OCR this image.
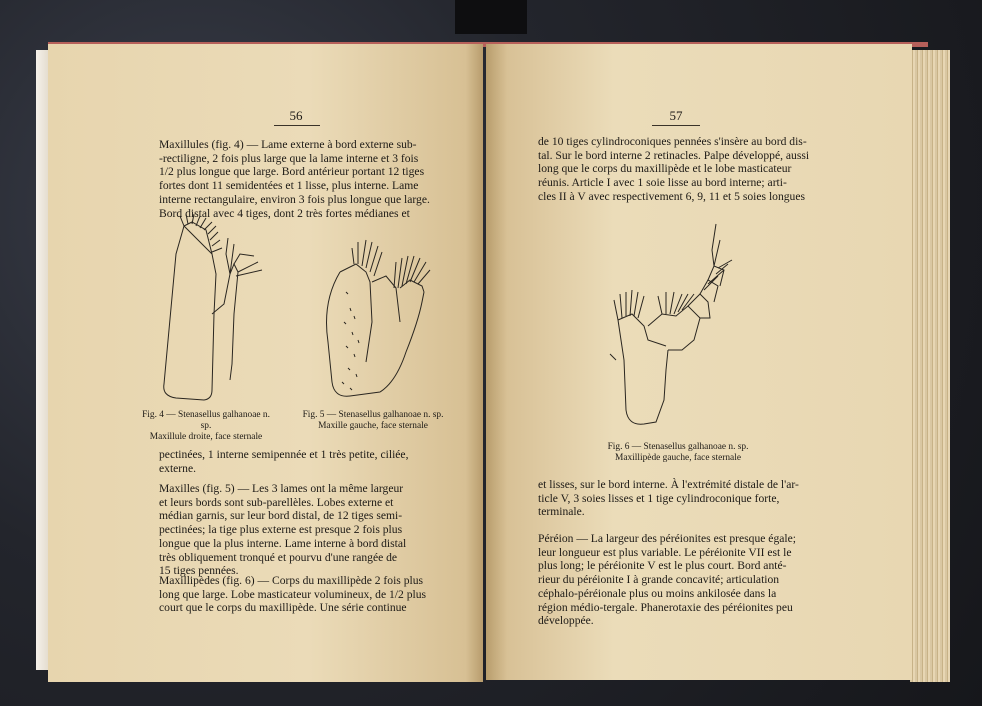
56

Maxillules (fig. 4) — Lame externe à bord externe sub-

-rectiligne, 2 fois plus large que la lame interne et 3 fois

1/2 plus longue que large. Bord antérieur portant 12 tiges

fortes dont 11 semidentées et 1 lisse, plus interne. Lame

interne rectangulaire, environ 3 fois plus longue que large.

Bord distal avec 4 tiges, dont 2 très fortes médianes et

Fig. 4 — Stenasellus galhanoae n. sp.
Maxillule droite, face sternale
Fig. 5 — Stenasellus galhanoae n. sp.
Maxille gauche, face sternale

pectinées, 1 interne semipennée et 1 très petite, ciliée,

externe.

Maxilles (fig. 5) — Les 3 lames ont la même largeur

et leurs bords sont sub-parellèles. Lobes externe et

médian garnis, sur leur bord distal, de 12 tiges semi-

pectinées; la tige plus externe est presque 2 fois plus

longue que la plus interne. Lame interne à bord distal

très obliquement tronqué et pourvu d'une rangée de

15 tiges pennées.

Maxillipèdes (fig. 6) — Corps du maxillipède 2 fois plus

long que large. Lobe masticateur volumineux, de 1/2 plus

court que le corps du maxillipède. Une série continue

57

de 10 tiges cylindroconiques pennées s'insère au bord dis-

tal. Sur le bord interne 2 retinacles. Palpe développé, aussi

long que le corps du maxillipède et le lobe masticateur

réunis. Article I avec 1 soie lisse au bord interne; arti-

cles II à V avec respectivement 6, 9, 11 et 5 soies longues

Fig. 6 — Stenasellus galhanoae n. sp.
Maxillipède gauche, face sternale

et lisses, sur le bord interne. À l'extrémité distale de l'ar-

ticle V, 3 soies lisses et 1 tige cylindroconique forte,

terminale.

Péréion — La largeur des péréionites est presque égale;

leur longueur est plus variable. Le péréionite VII est le

plus long; le péréionite V est le plus court. Bord anté-

rieur du péréionite I à grande concavité; articulation

céphalo-péréionale plus ou moins ankilosée dans la

région médio-tergale. Phanerotaxie des péréionites peu

développée.
